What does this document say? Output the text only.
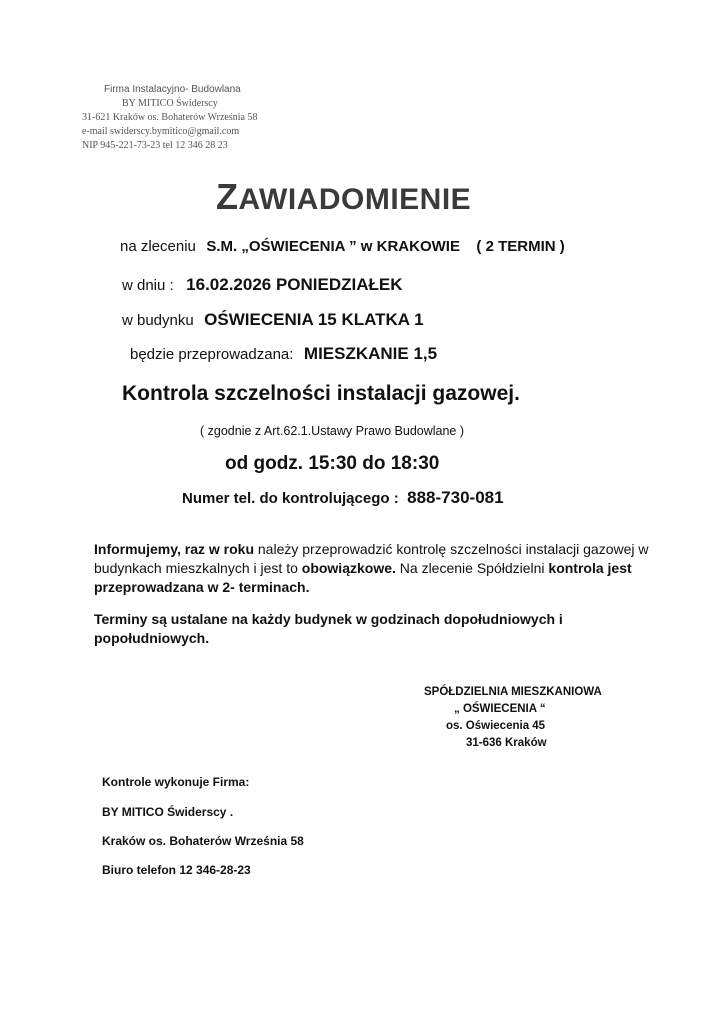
Firma Instalacyjno- Budowlana
BY MITICO Świderscy
31-621 Kraków os. Bohaterów Września 58
e-mail swiderscy.bymitico@gmail.com
NIP 945-221-73-23 tel 12 346 28 23
ZAWIADOMIENIE
na zleceniu S.M. „OŚWIECENIA ” w KRAKOWIE ( 2 TERMIN )
w dniu : 16.02.2026 PONIEDZIAŁEK
w budynku OŚWIECENIA 15 KLATKA 1
będzie przeprowadzana: MIESZKANIE 1,5
Kontrola szczelności instalacji gazowej.
( zgodnie z Art.62.1.Ustawy Prawo Budowlane )
od godz. 15:30 do 18:30
Numer tel. do kontrolującego : 888-730-081
Informujemy, raz w roku należy przeprowadzić kontrolę szczelności instalacji gazowej w budynkach mieszkalnych i jest to obowiązkowe. Na zlecenie Spółdzielni kontrola jest przeprowadzana w 2- terminach.
Terminy są ustalane na każdy budynek w godzinach dopołudniowych i popołudniowych.
SPÓŁDZIELNIA MIESZKANIOWA
„ OŚWIECENIA “
os. Oświecenia 45
31-636 Kraków
Kontrole wykonuje Firma:
BY MITICO Świderscy .
Kraków os. Bohaterów Września 58
Biuro telefon 12 346-28-23
